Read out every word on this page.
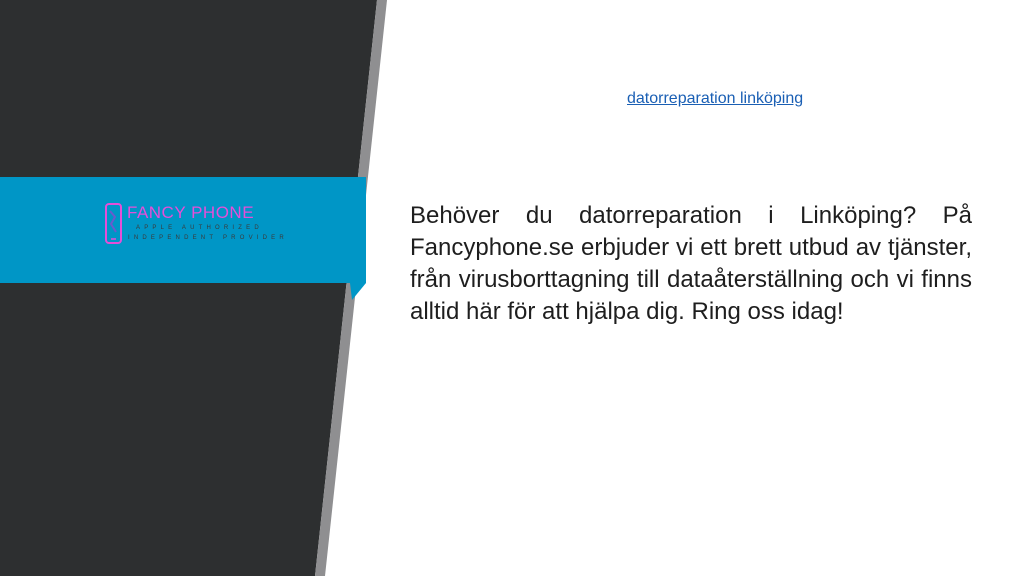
FANCY PHONE
APPLE AUTHORIZED
INDEPENDENT PROVIDER
datorreparation linköping

Behöver du datorreparation i Linköping? På Fancyphone.se erbjuder vi ett brett utbud av tjänster, från virusborttagning till dataåterställning och vi finns alltid här för att hjälpa dig. Ring oss idag!
